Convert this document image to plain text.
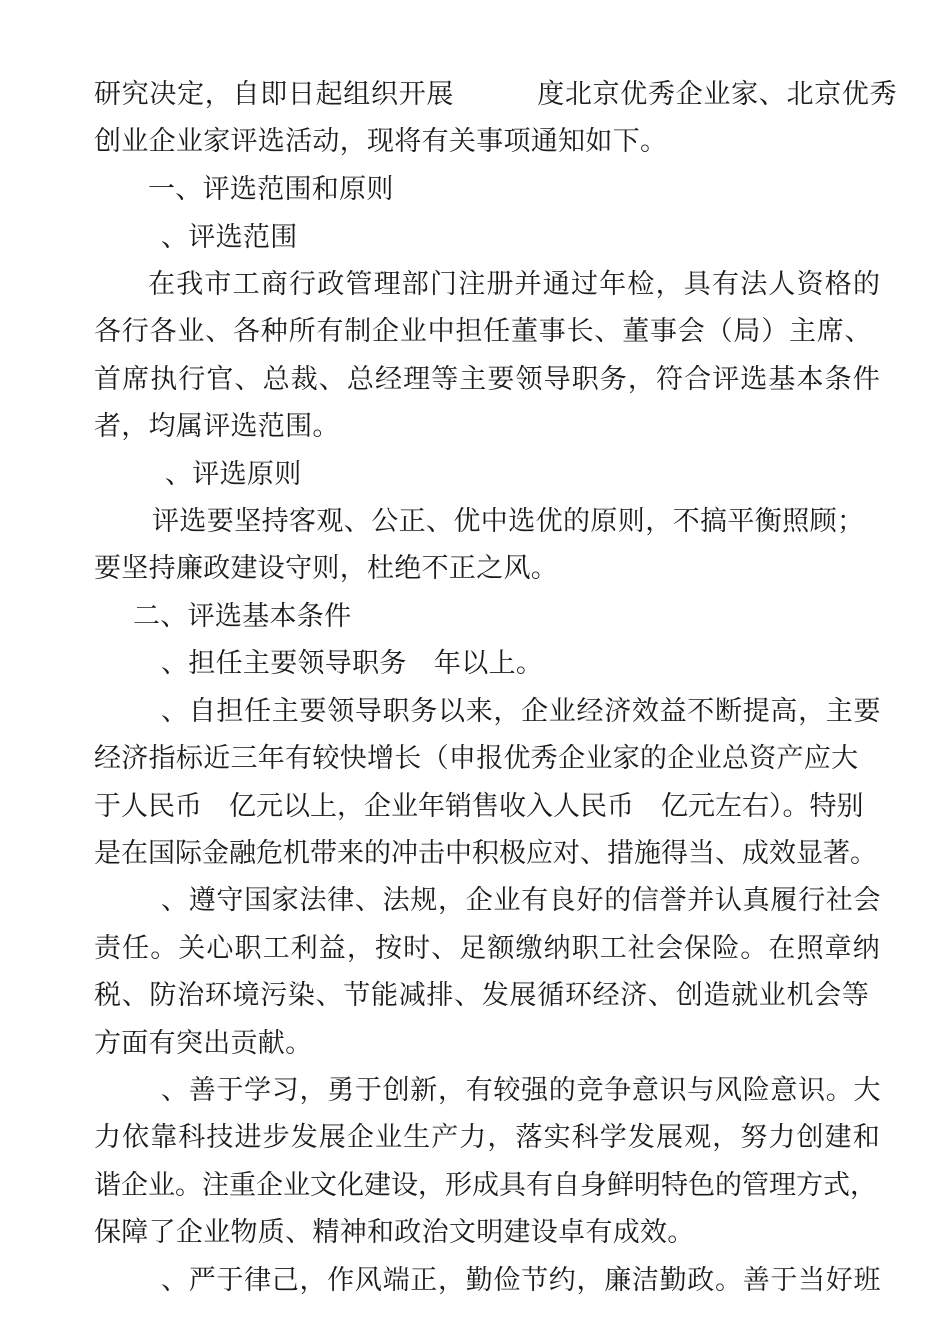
研究决定，自即日起组织开展　　　度北京优秀企业家、北京优秀

创业企业家评选活动，现将有关事项通知如下。

一、评选范围和原则

、评选范围

在我市工商行政管理部门注册并通过年检，具有法人资格的

各行各业、各种所有制企业中担任董事长、董事会（局）主席、

首席执行官、总裁、总经理等主要领导职务，符合评选基本条件

者，均属评选范围。

、评选原则

评选要坚持客观、公正、优中选优的原则，不搞平衡照顾；

要坚持廉政建设守则，杜绝不正之风。

二、评选基本条件

、担任主要领导职务　年以上。

、自担任主要领导职务以来，企业经济效益不断提高，主要

经济指标近三年有较快增长（申报优秀企业家的企业总资产应大

于人民币　亿元以上，企业年销售收入人民币　亿元左右）。特别

是在国际金融危机带来的冲击中积极应对、措施得当、成效显著。

、遵守国家法律、法规，企业有良好的信誉并认真履行社会

责任。关心职工利益，按时、足额缴纳职工社会保险。在照章纳

税、防治环境污染、节能减排、发展循环经济、创造就业机会等

方面有突出贡献。

、善于学习，勇于创新，有较强的竞争意识与风险意识。大

力依靠科技进步发展企业生产力，落实科学发展观，努力创建和

谐企业。注重企业文化建设，形成具有自身鲜明特色的管理方式，

保障了企业物质、精神和政治文明建设卓有成效。

、严于律己，作风端正，勤俭节约，廉洁勤政。善于当好班
